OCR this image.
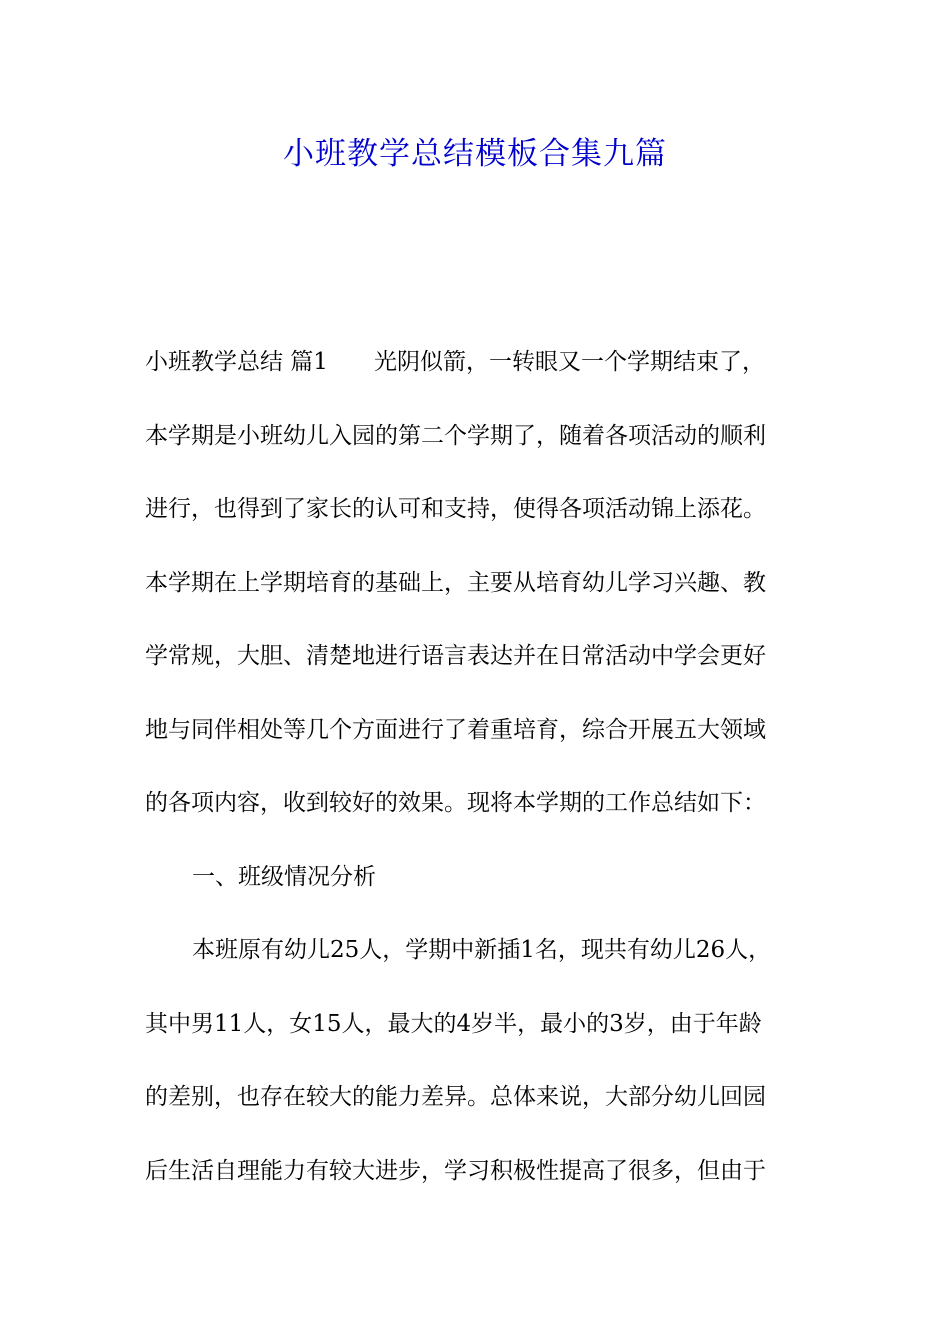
小班教学总结模板合集九篇
小班教学总结 篇1 光阴似箭，一转眼又一个学期结束了，
本学期是小班幼儿入园的第二个学期了，随着各项活动的顺利
进行，也得到了家长的认可和支持，使得各项活动锦上添花。
本学期在上学期培育的基础上，主要从培育幼儿学习兴趣、教
学常规，大胆、清楚地进行语言表达并在日常活动中学会更好
地与同伴相处等几个方面进行了着重培育，综合开展五大领域
的各项内容，收到较好的效果。现将本学期的工作总结如下：
一、班级情况分析
本班原有幼儿25人，学期中新插1名，现共有幼儿26人，
其中男11人，女15人，最大的4岁半，最小的3岁，由于年龄
的差别，也存在较大的能力差异。总体来说，大部分幼儿回园
后生活自理能力有较大进步，学习积极性提高了很多，但由于
